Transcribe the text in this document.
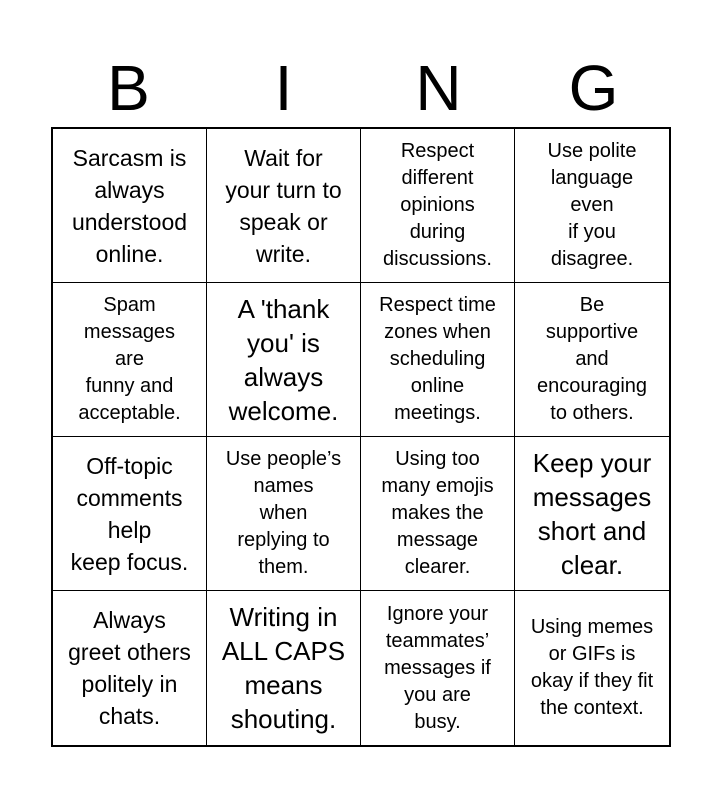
B	I	N	G
Sarcasm is
always
understood
online.
Wait for
your turn to
speak or
write.
Respect
different
opinions
during
discussions.
Use polite
language
even
if you
disagree.
Spam
messages
are
funny and
acceptable.
A 'thank
you' is
always
welcome.
Respect time
zones when
scheduling
online
meetings.
Be
supportive
and
encouraging
to others.
Off-topic
comments
help
keep focus.
Use people’s
names
when
replying to
them.
Using too
many emojis
makes the
message
clearer.
Keep your
messages
short and
clear.
Always
greet others
politely in
chats.
Writing in
ALL CAPS
means
shouting.
Ignore your
teammates’
messages if
you are
busy.
Using memes
or GIFs is
okay if they fit
the context.
